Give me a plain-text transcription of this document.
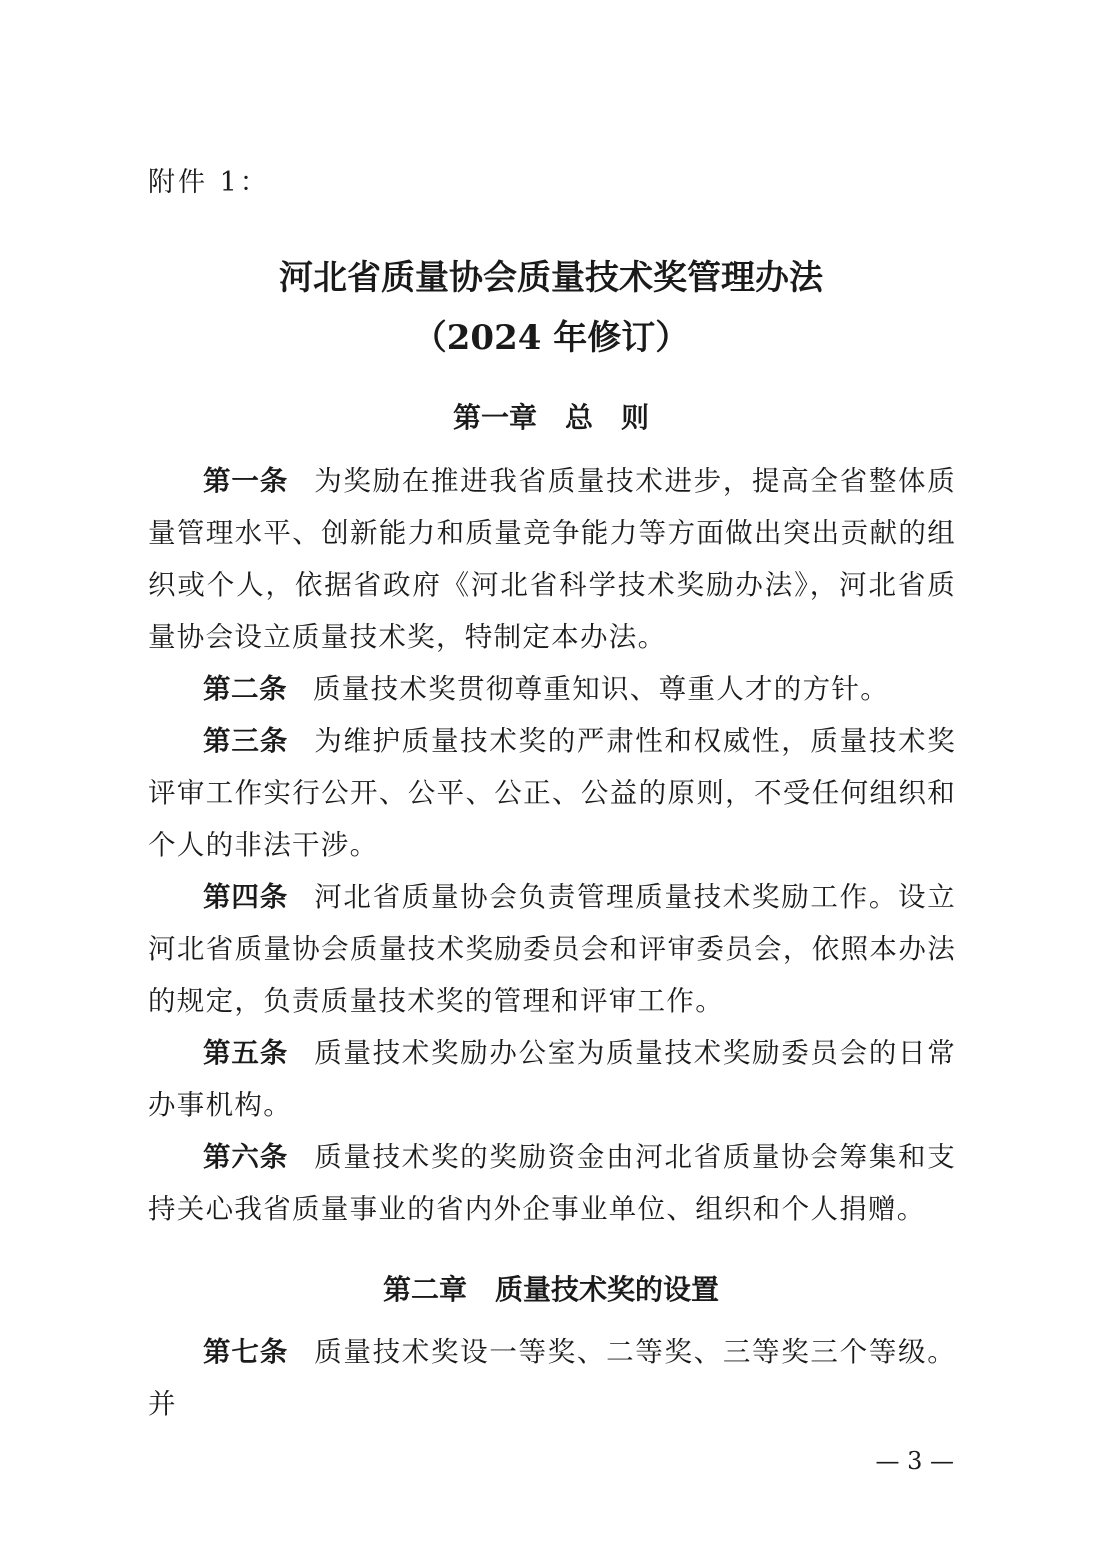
附件 1：
河北省质量协会质量技术奖管理办法
（2024 年修订）
第一章　总　则

第一条 为奖励在推进我省质量技术进步，提高全省整体质量管理水平、创新能力和质量竞争能力等方面做出突出贡献的组织或个人，依据省政府《河北省科学技术奖励办法》，河北省质量协会设立质量技术奖，特制定本办法。

第二条 质量技术奖贯彻尊重知识、尊重人才的方针。

第三条 为维护质量技术奖的严肃性和权威性，质量技术奖评审工作实行公开、公平、公正、公益的原则，不受任何组织和个人的非法干涉。

第四条 河北省质量协会负责管理质量技术奖励工作。设立河北省质量协会质量技术奖励委员会和评审委员会，依照本办法的规定，负责质量技术奖的管理和评审工作。

第五条 质量技术奖励办公室为质量技术奖励委员会的日常办事机构。

第六条 质量技术奖的奖励资金由河北省质量协会筹集和支持关心我省质量事业的省内外企事业单位、组织和个人捐赠。

第二章　质量技术奖的设置

第七条 质量技术奖设一等奖、二等奖、三等奖三个等级。并

— 3 —
